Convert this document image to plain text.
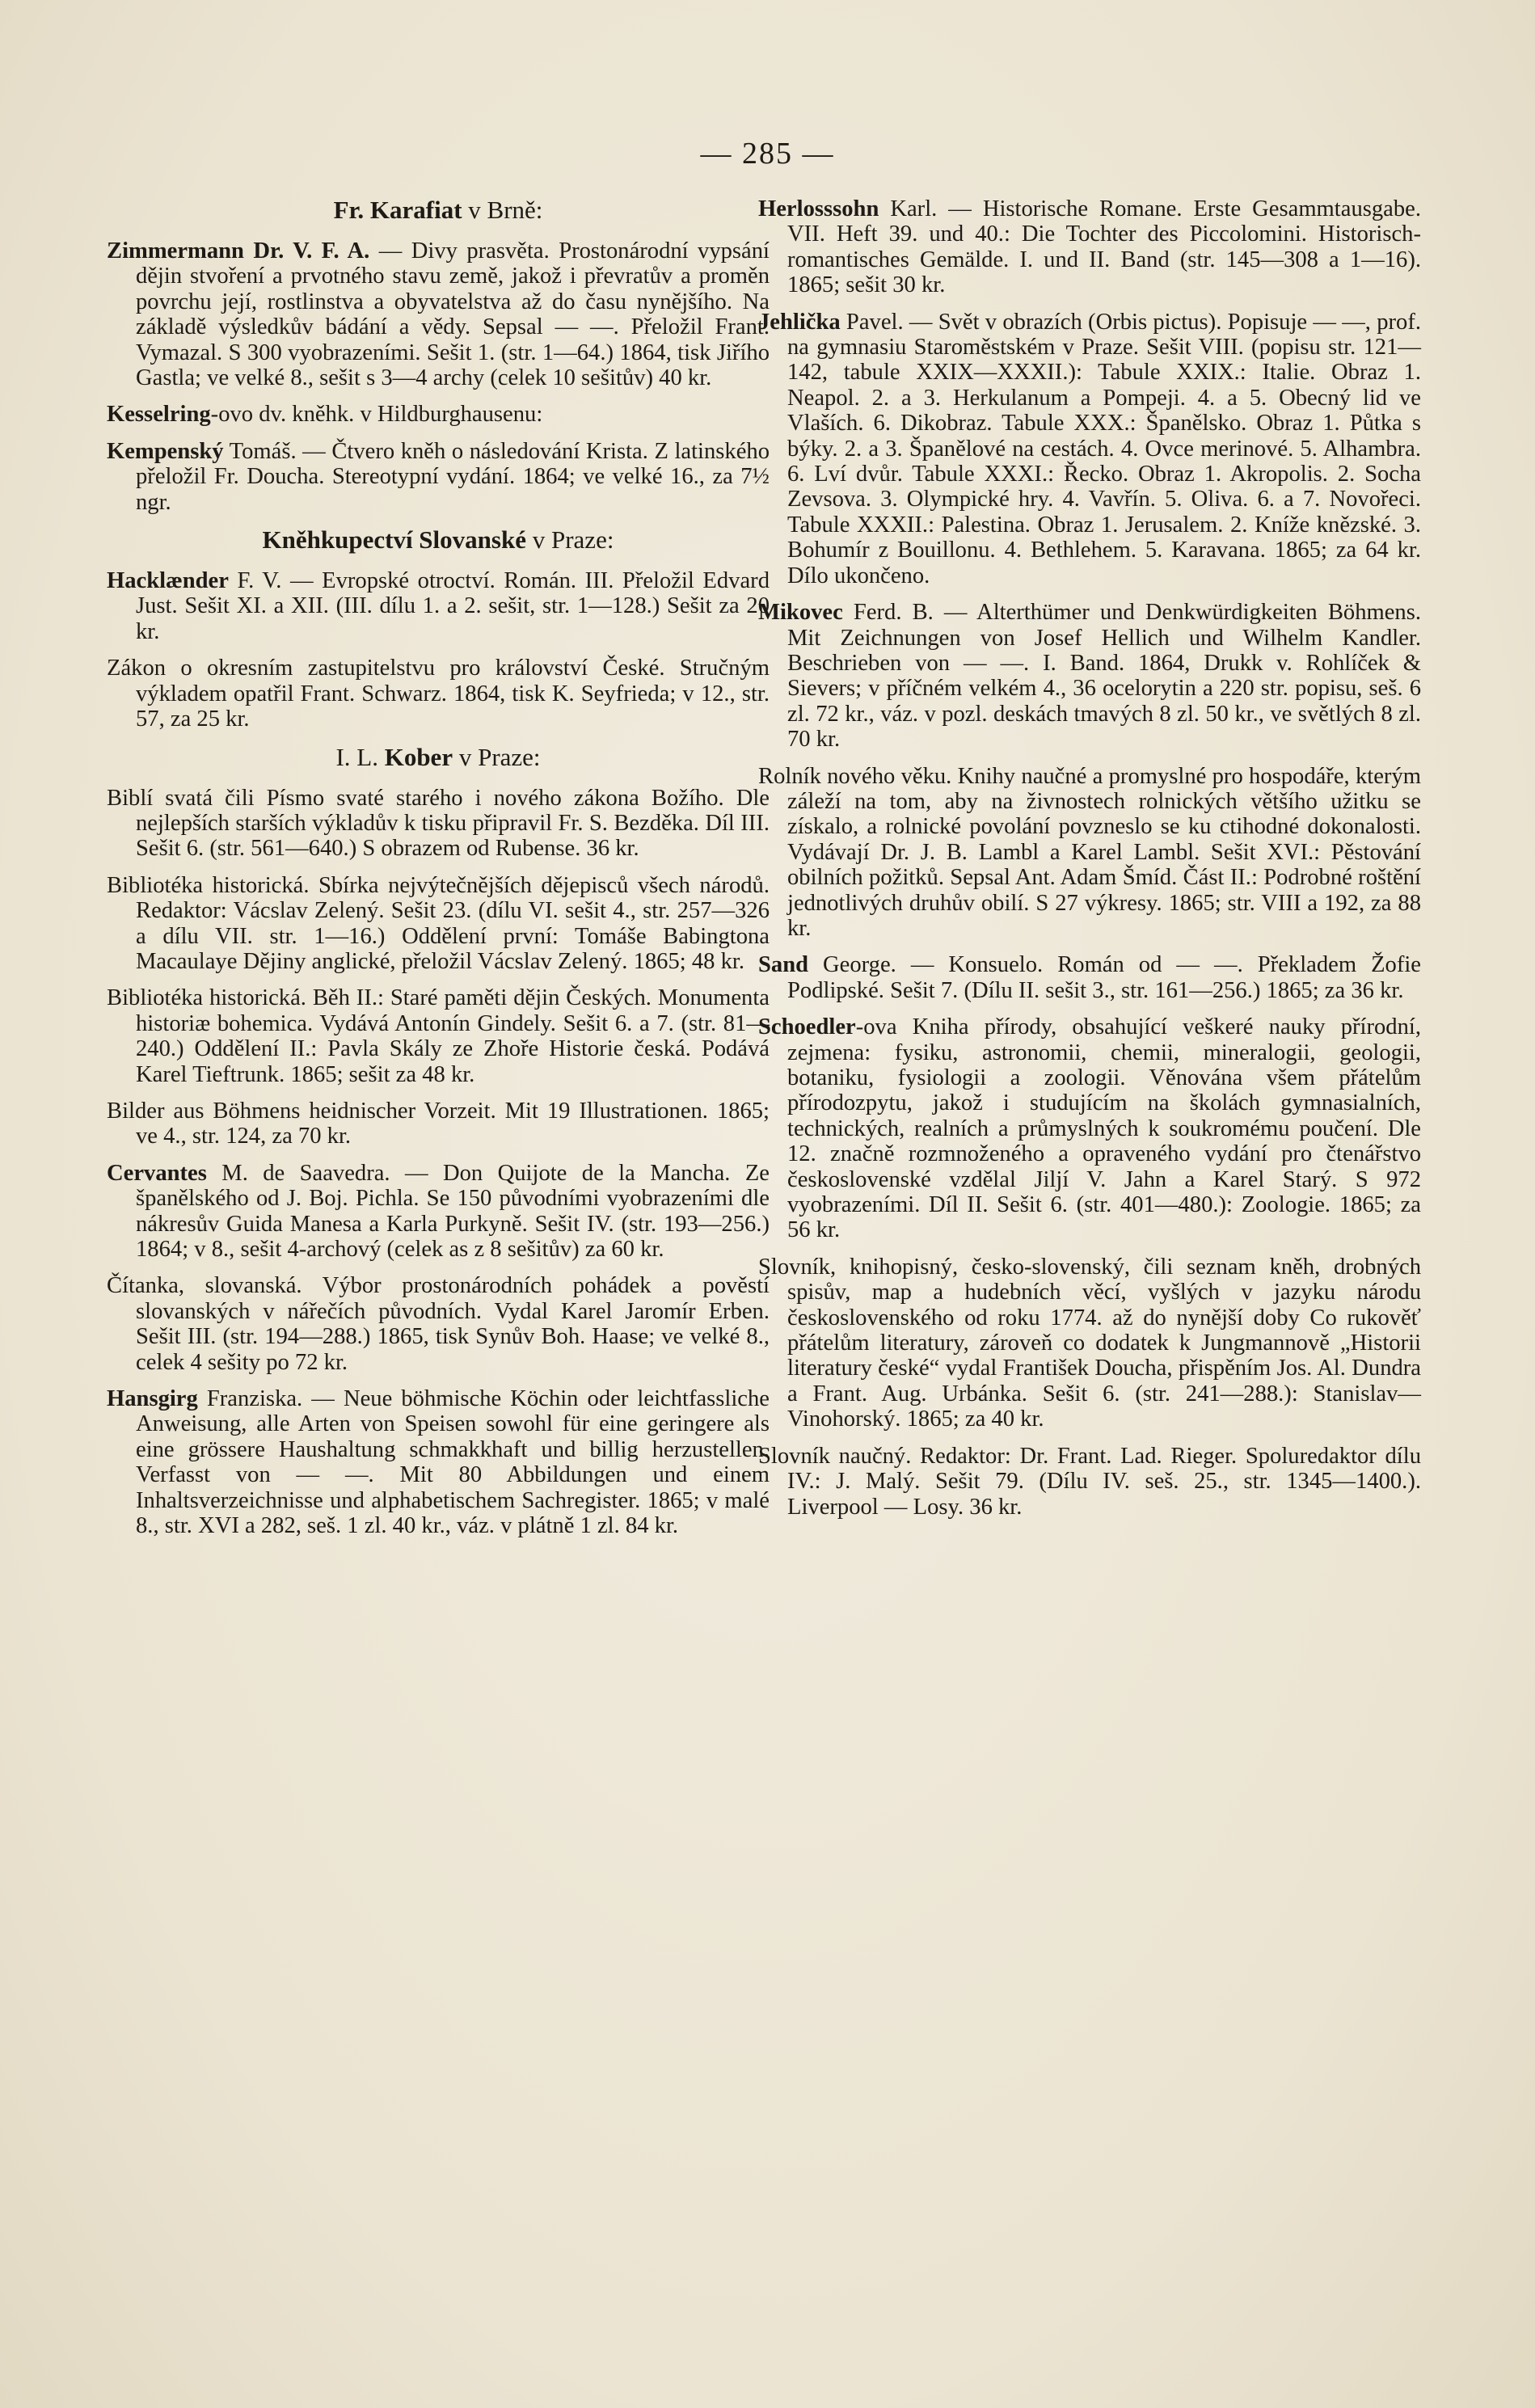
— 285 —
Fr. Karafiat v Brně:

Zimmermann Dr. V. F. A. — Divy prasvěta. Prostonárodní vypsání dějin stvoření a prvotného stavu země, jakož i převratův a proměn povrchu její, rostlinstva a obyvatelstva až do času nynějšího. Na základě výsledkův bádání a vědy. Sepsal — —. Přeložil Frant. Vymazal. S 300 vyobrazeními. Sešit 1. (str. 1—64.) 1864, tisk Jiřího Gastla; ve velké 8., sešit s 3—4 archy (celek 10 sešitův) 40 kr.

Kesselring-ovo dv. kněhk. v Hildburghausenu:

Kempenský Tomáš. — Čtvero kněh o následování Krista. Z latinského přeložil Fr. Doucha. Stereotypní vydání. 1864; ve velké 16., za 7½ ngr.

Kněhkupectví Slovanské v Praze:

Hacklænder F. V. — Evropské otroctví. Román. III. Přeložil Edvard Just. Sešit XI. a XII. (III. dílu 1. a 2. sešit, str. 1—128.) Sešit za 20 kr.

Zákon o okresním zastupitelstvu pro království České. Stručným výkladem opatřil Frant. Schwarz. 1864, tisk K. Seyfrieda; v 12., str. 57, za 25 kr.

I. L. Kober v Praze:

Biblí svatá čili Písmo svaté starého i nového zákona Božího. Dle nejlepších starších výkladův k tisku připravil Fr. S. Bezděka. Díl III. Sešit 6. (str. 561—640.) S obrazem od Rubense. 36 kr.

Bibliotéka historická. Sbírka nejvýtečnějších dějepisců všech národů. Redaktor: Vácslav Zelený. Sešit 23. (dílu VI. sešit 4., str. 257—326 a dílu VII. str. 1—16.) Oddělení první: Tomáše Babingtona Macaulaye Dějiny anglické, přeložil Vácslav Zelený. 1865; 48 kr.

Bibliotéka historická. Běh II.: Staré paměti dějin Českých. Monumenta historiæ bohemica. Vydává Antonín Gindely. Sešit 6. a 7. (str. 81—240.) Oddělení II.: Pavla Skály ze Zhoře Historie česká. Podává Karel Tieftrunk. 1865; sešit za 48 kr.

Bilder aus Böhmens heidnischer Vorzeit. Mit 19 Illustrationen. 1865; ve 4., str. 124, za 70 kr.

Cervantes M. de Saavedra. — Don Quijote de la Mancha. Ze španělského od J. Boj. Pichla. Se 150 původními vyobrazeními dle nákresův Guida Manesa a Karla Purkyně. Sešit IV. (str. 193—256.) 1864; v 8., sešit 4-archový (celek as z 8 sešitův) za 60 kr.

Čítanka, slovanská. Výbor prostonárodních pohádek a pověstí slovanských v nářečích původních. Vydal Karel Jaromír Erben. Sešit III. (str. 194—288.) 1865, tisk Synův Boh. Haase; ve velké 8., celek 4 sešity po 72 kr.

Hansgirg Franziska. — Neue böhmische Köchin oder leichtfassliche Anweisung, alle Arten von Speisen sowohl für eine geringere als eine grössere Haushaltung schmakkhaft und billig herzustellen. Verfasst von — —. Mit 80 Abbildungen und einem Inhaltsverzeichnisse und alphabetischem Sachregister. 1865; v malé 8., str. XVI a 282, seš. 1 zl. 40 kr., váz. v plátně 1 zl. 84 kr.

Herlosssohn Karl. — Historische Romane. Erste Gesammtausgabe. VII. Heft 39. und 40.: Die Tochter des Piccolomini. Historisch-romantisches Gemälde. I. und II. Band (str. 145—308 a 1—16). 1865; sešit 30 kr.

Jehlička Pavel. — Svět v obrazích (Orbis pictus). Popisuje — —, prof. na gymnasiu Staroměstském v Praze. Sešit VIII. (popisu str. 121—142, tabule XXIX—XXXII.): Tabule XXIX.: Italie. Obraz 1. Neapol. 2. a 3. Herkulanum a Pompeji. 4. a 5. Obecný lid ve Vlaších. 6. Dikobraz. Tabule XXX.: Španělsko. Obraz 1. Půtka s býky. 2. a 3. Španělové na cestách. 4. Ovce merinové. 5. Alhambra. 6. Lví dvůr. Tabule XXXI.: Řecko. Obraz 1. Akropolis. 2. Socha Zevsova. 3. Olympické hry. 4. Vavřín. 5. Oliva. 6. a 7. Novořeci. Tabule XXXII.: Palestina. Obraz 1. Jerusalem. 2. Kníže knězské. 3. Bohumír z Bouillonu. 4. Bethlehem. 5. Karavana. 1865; za 64 kr. Dílo ukončeno.

Mikovec Ferd. B. — Alterthümer und Denkwürdigkeiten Böhmens. Mit Zeichnungen von Josef Hellich und Wilhelm Kandler. Beschrieben von — —. I. Band. 1864, Drukk v. Rohlíček & Sievers; v příčném velkém 4., 36 ocelorytin a 220 str. popisu, seš. 6 zl. 72 kr., váz. v pozl. deskách tmavých 8 zl. 50 kr., ve světlých 8 zl. 70 kr.

Rolník nového věku. Knihy naučné a promyslné pro hospodáře, kterým záleží na tom, aby na živnostech rolnických většího užitku se získalo, a rolnické povolání povzneslo se ku ctihodné dokonalosti. Vydávají Dr. J. B. Lambl a Karel Lambl. Sešit XVI.: Pěstování obilních požitků. Sepsal Ant. Adam Šmíd. Část II.: Podrobné roštění jednotlivých druhův obilí. S 27 výkresy. 1865; str. VIII a 192, za 88 kr.

Sand George. — Konsuelo. Román od — —. Překladem Žofie Podlipské. Sešit 7. (Dílu II. sešit 3., str. 161—256.) 1865; za 36 kr.

Schoedler-ova Kniha přírody, obsahující veškeré nauky přírodní, zejmena: fysiku, astronomii, chemii, mineralogii, geologii, botaniku, fysiologii a zoologii. Věnována všem přátelům přírodozpytu, jakož i studujícím na školách gymnasialních, technických, realních a průmyslných k soukromému poučení. Dle 12. značně rozmnoženého a opraveného vydání pro čtenářstvo československé vzdělal Jiljí V. Jahn a Karel Starý. S 972 vyobrazeními. Díl II. Sešit 6. (str. 401—480.): Zoologie. 1865; za 56 kr.

Slovník, knihopisný, česko-slovenský, čili seznam kněh, drobných spisův, map a hudebních věcí, vyšlých v jazyku národu československého od roku 1774. až do nynější doby Co rukověť přátelům literatury, zároveň co dodatek k Jungmannově „Historii literatury české“ vydal František Doucha, přispěním Jos. Al. Dundra a Frant. Aug. Urbánka. Sešit 6. (str. 241—288.): Stanislav—Vinohorský. 1865; za 40 kr.

Slovník naučný. Redaktor: Dr. Frant. Lad. Rieger. Spoluredaktor dílu IV.: J. Malý. Sešit 79. (Dílu IV. seš. 25., str. 1345—1400.). Liverpool — Losy. 36 kr.
